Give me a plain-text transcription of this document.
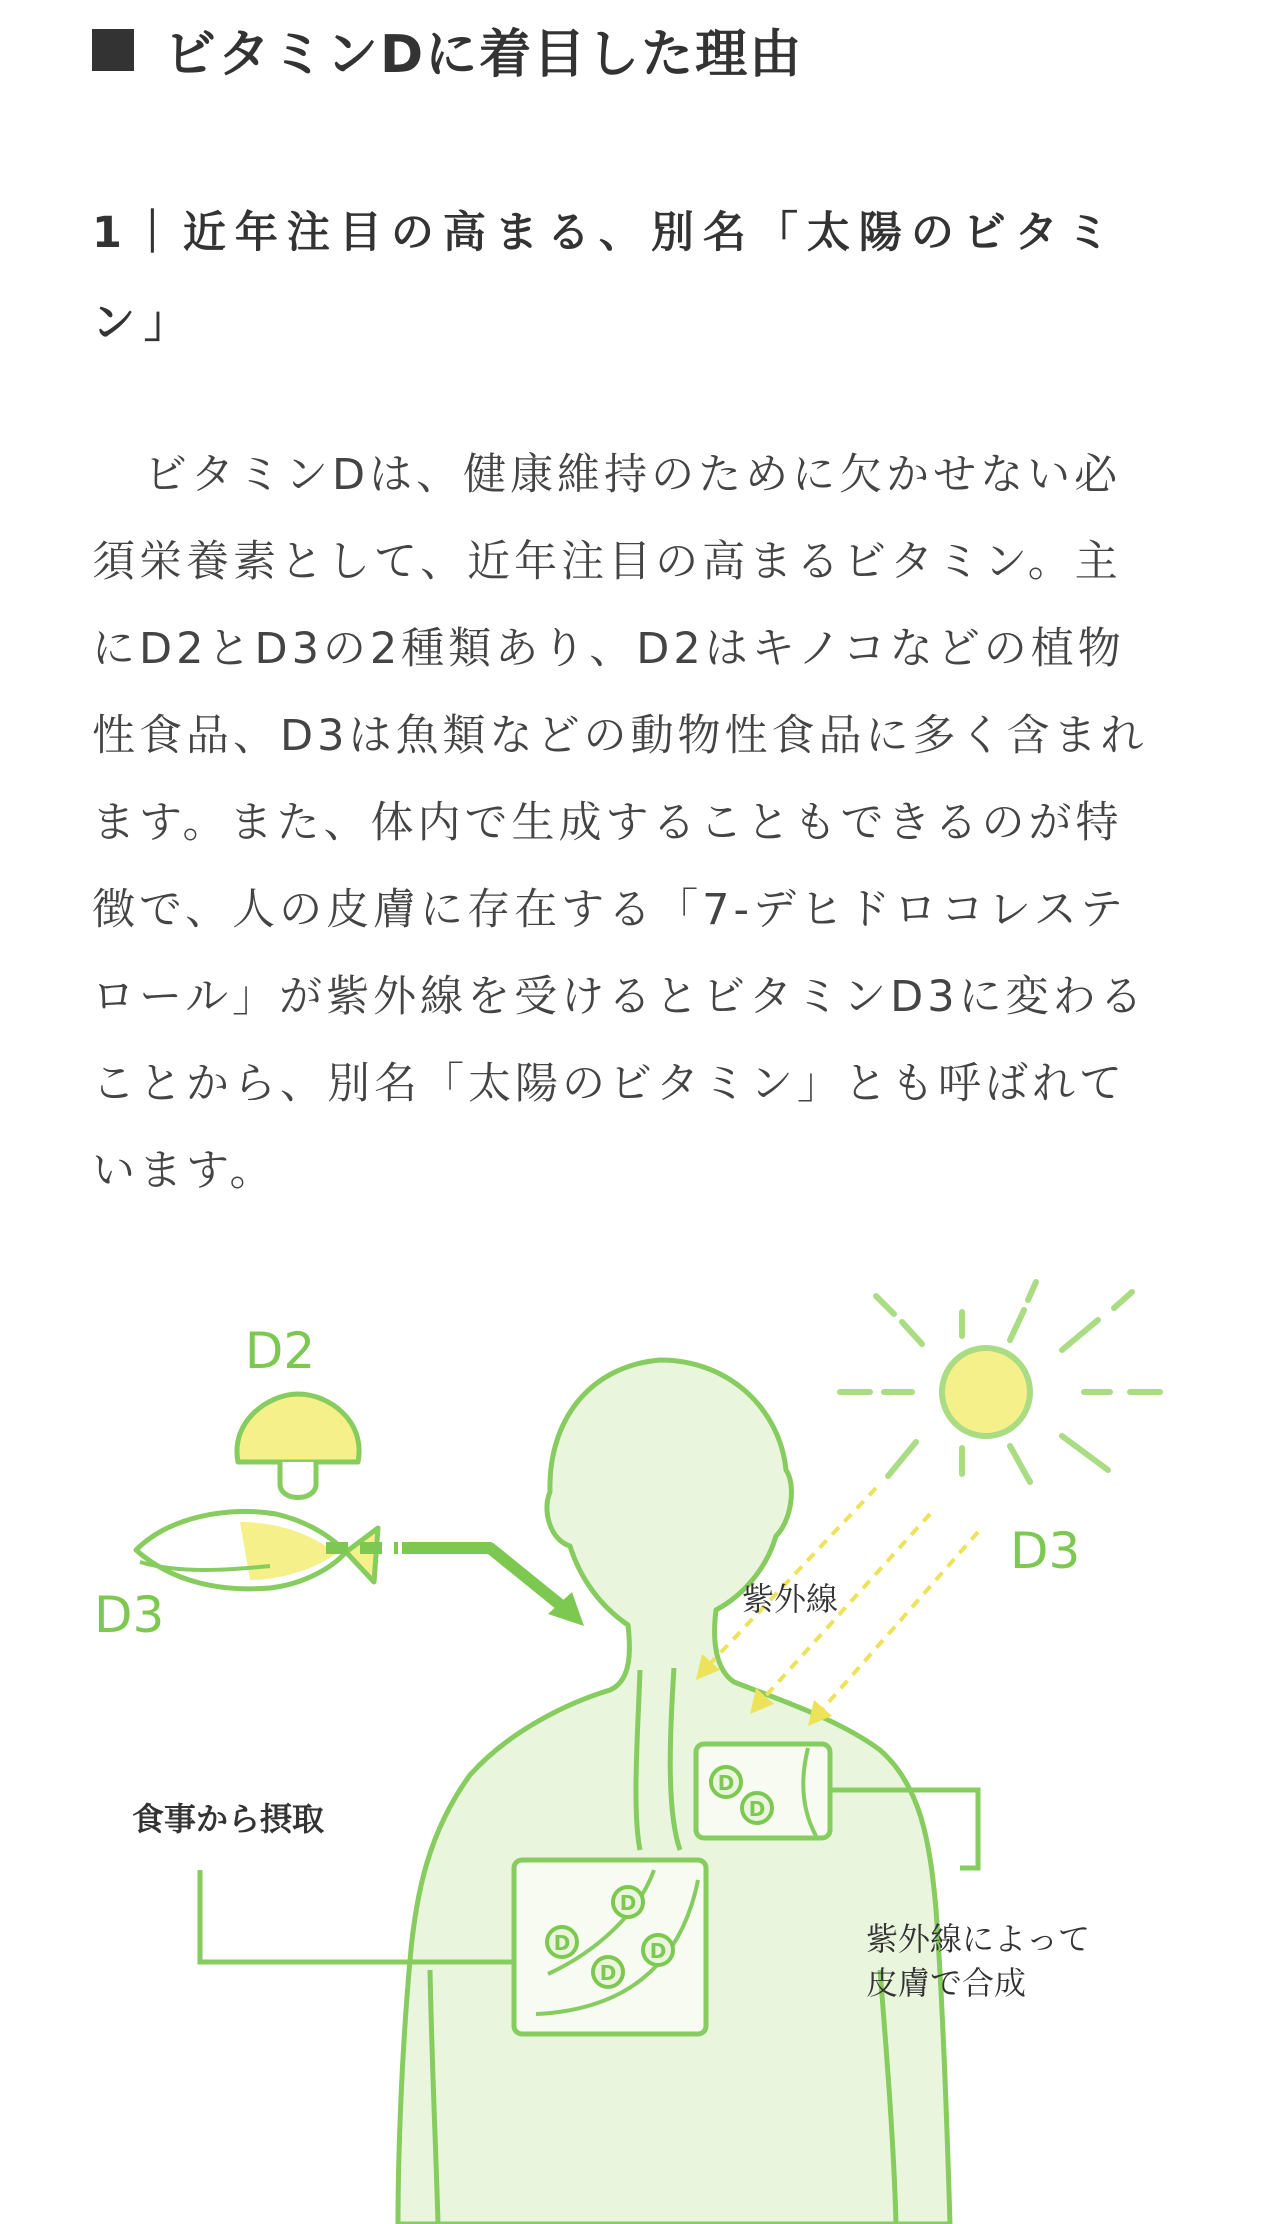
ビタミンDに着目した理由
1｜近年注目の高まる、別名「太陽のビタミン」

ビタミンDは、健康維持のために欠かせない必須栄養素として、近年注目の高まるビタミン。主にD2とD3の2種類あり、D2はキノコなどの植物性食品、D3は魚類などの動物性食品に多く含まれます。また、体内で生成することもできるのが特徴で、人の皮膚に存在する「7-デヒドロコレステロール」が紫外線を受けるとビタミンD3に変わることから、別名「太陽のビタミン」とも呼ばれています。

D
D
D
D	D
D
D2
D3
D3
紫外線
食事から摂取
紫外線によって
皮膚で合成
